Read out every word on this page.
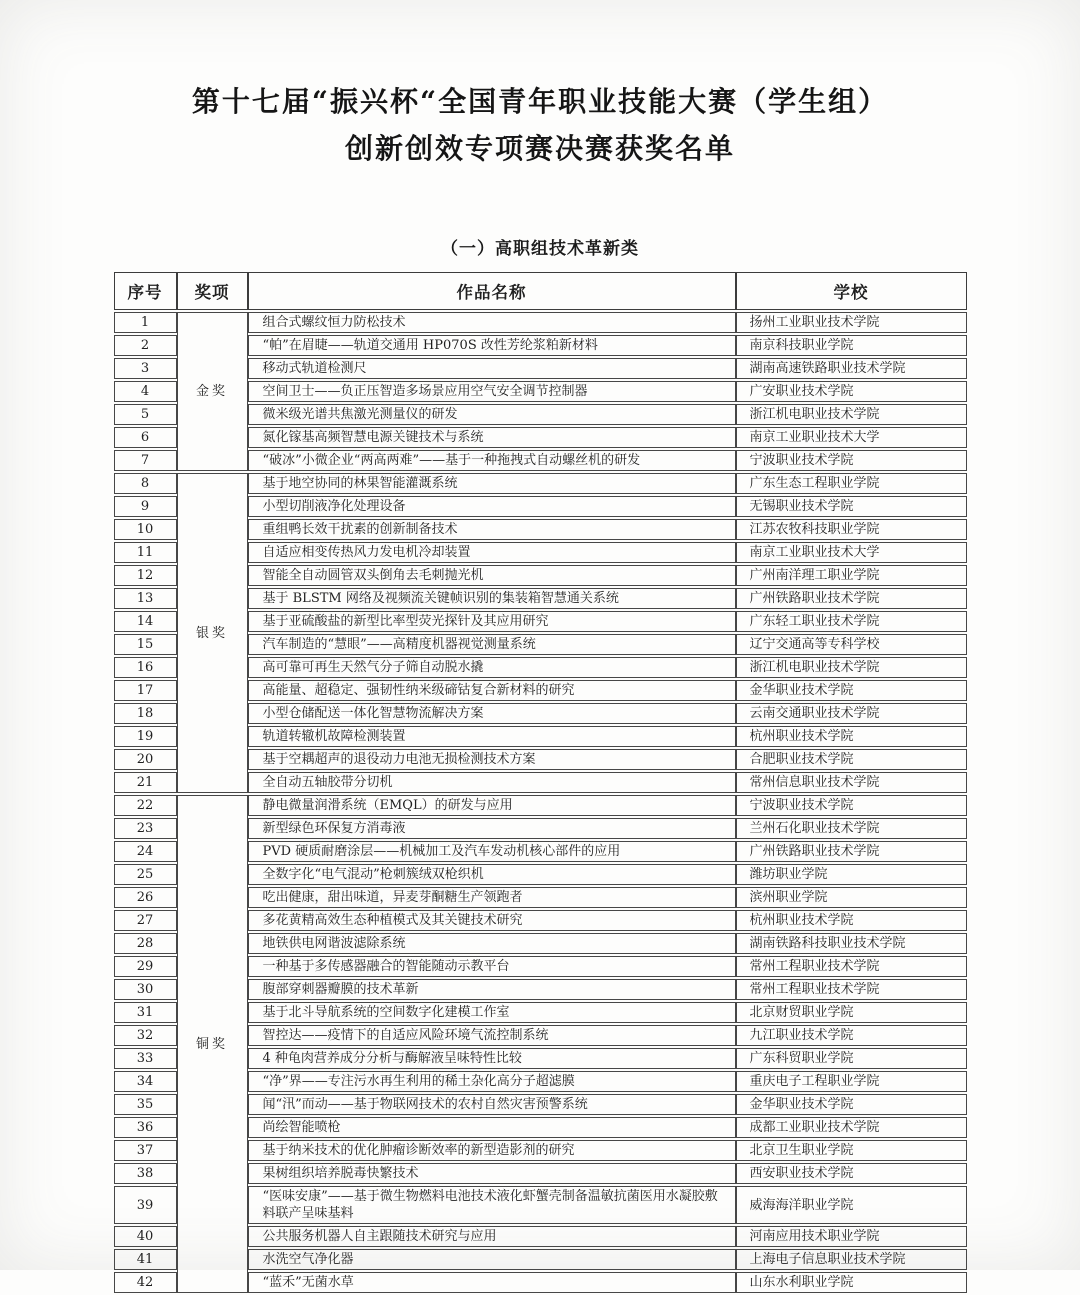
第十七届“振兴杯“全国青年职业技能大赛（学生组）
创新创效专项赛决赛获奖名单
（一）高职组技术革新类
序号	奖项	作品名称	学校
1	金奖	组合式螺纹恒力防松技术	扬州工业职业技术学院
2		“帕”在眉睫——轨道交通用 HP070S 改性芳纶浆粕新材料	南京科技职业学院
3		移动式轨道检测尺	湖南高速铁路职业技术学院
4		空间卫士——负正压智造多场景应用空气安全调节控制器	广安职业技术学院
5		微米级光谱共焦激光测量仪的研发	浙江机电职业技术学院
6		氮化镓基高频智慧电源关键技术与系统	南京工业职业技术大学
7		“破冰”小微企业“两高两难”——基于一种拖拽式自动螺丝机的研发	宁波职业技术学院
8	银奖	基于地空协同的林果智能灌溉系统	广东生态工程职业学院
9		小型切削液净化处理设备	无锡职业技术学院
10		重组鸭长效干扰素的创新制备技术	江苏农牧科技职业学院
11		自适应相变传热风力发电机冷却装置	南京工业职业技术大学
12		智能全自动圆管双头倒角去毛刺抛光机	广州南洋理工职业学院
13		基于 BLSTM 网络及视频流关键帧识别的集装箱智慧通关系统	广州铁路职业技术学院
14		基于亚硫酸盐的新型比率型荧光探针及其应用研究	广东轻工职业技术学院
15		汽车制造的“慧眼”——高精度机器视觉测量系统	辽宁交通高等专科学校
16		高可靠可再生天然气分子筛自动脱水撬	浙江机电职业技术学院
17		高能量、超稳定、强韧性纳米级碲钴复合新材料的研究	金华职业技术学院
18		小型仓储配送一体化智慧物流解决方案	云南交通职业技术学院
19		轨道转辙机故障检测装置	杭州职业技术学院
20		基于空耦超声的退役动力电池无损检测技术方案	合肥职业技术学院
21		全自动五轴胶带分切机	常州信息职业技术学院
22	铜奖	静电微量润滑系统（EMQL）的研发与应用	宁波职业技术学院
23		新型绿色环保复方消毒液	兰州石化职业技术学院
24		PVD 硬质耐磨涂层——机械加工及汽车发动机核心部件的应用	广州铁路职业技术学院
25		全数字化“电气混动”枪刺簇绒双枪织机	潍坊职业学院
26		吃出健康，甜出味道，异麦芽酮糖生产领跑者	滨州职业学院
27		多花黄精高效生态种植模式及其关键技术研究	杭州职业技术学院
28		地铁供电网谐波滤除系统	湖南铁路科技职业技术学院
29		一种基于多传感器融合的智能随动示教平台	常州工程职业技术学院
30		腹部穿刺器瓣膜的技术革新	常州工程职业技术学院
31		基于北斗导航系统的空间数字化建模工作室	北京财贸职业学院
32		智控达——疫情下的自适应风险环境气流控制系统	九江职业技术学院
33		4 种龟肉营养成分分析与酶解液呈味特性比较	广东科贸职业学院
34		“净”界——专注污水再生利用的稀土杂化高分子超滤膜	重庆电子工程职业学院
35		闻“汛”而动——基于物联网技术的农村自然灾害预警系统	金华职业技术学院
36		尚绘智能喷枪	成都工业职业技术学院
37		基于纳米技术的优化肿瘤诊断效率的新型造影剂的研究	北京卫生职业学院
38		果树组织培养脱毒快繁技术	西安职业技术学院
39		“医味安康”——基于微生物燃料电池技术液化虾蟹壳制备温敏抗菌医用水凝胶敷料联产呈味基料	威海海洋职业学院
40		公共服务机器人自主跟随技术研究与应用	河南应用技术职业学院
41		水洗空气净化器	上海电子信息职业技术学院
42		“蓝禾”无菌水草	山东水利职业学院
